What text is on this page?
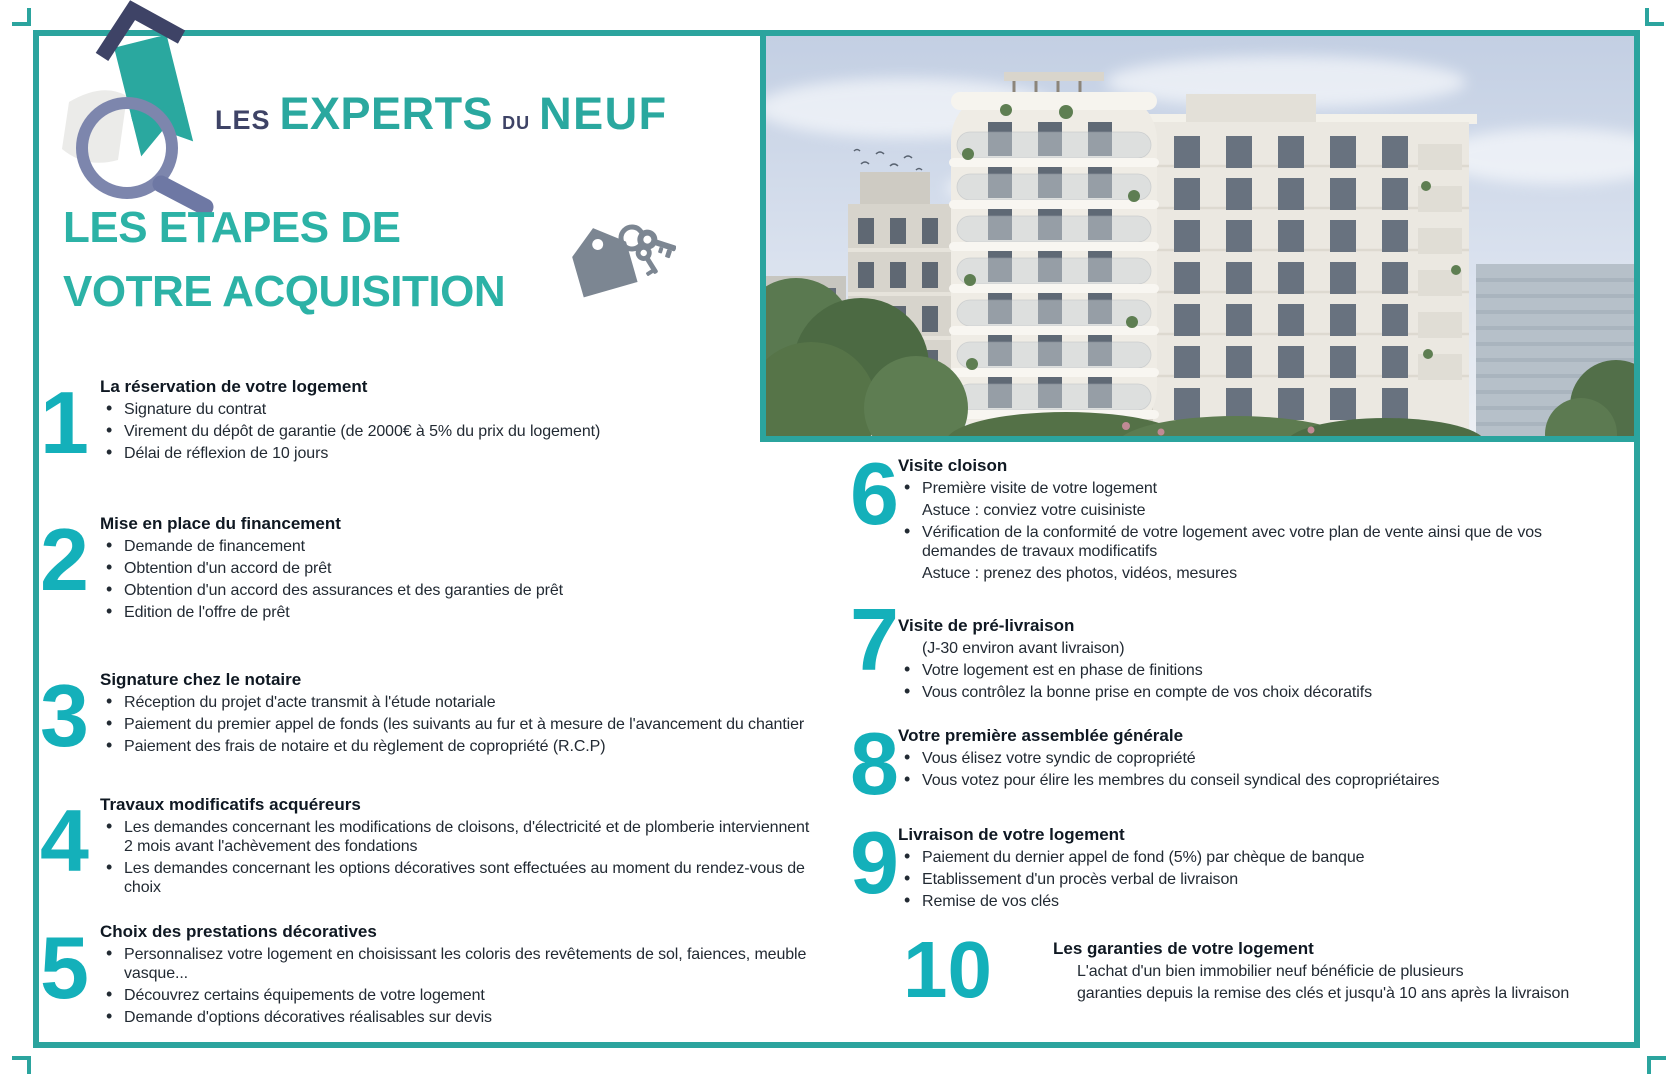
LES EXPERTS DU NEUF
LES ETAPES DE
VOTRE ACQUISITION
1 La réservation de votre logement
• Signature du contrat
• Virement du dépôt de garantie (de 2000€ à 5% du prix du logement)
• Délai de réflexion de 10 jours
2 Mise en place du financement
• Demande de financement
• Obtention d'un accord de prêt
• Obtention d'un accord des assurances et des garanties de prêt
• Edition de l'offre de prêt
3 Signature chez le notaire
• Réception du projet d'acte transmit à l'étude notariale
• Paiement du premier appel de fonds (les suivants au fur et à mesure de l'avancement du chantier
• Paiement des frais de notaire et du règlement de copropriété (R.C.P)
4 Travaux modificatifs acquéreurs
• Les demandes concernant les modifications de cloisons, d'électricité et de plomberie interviennent 2 mois avant l'achèvement des fondations
• Les demandes concernant les options décoratives sont effectuées au moment du rendez-vous de choix
5 Choix des prestations décoratives
• Personnalisez votre logement en choisissant les coloris des revêtements de sol, faiences, meuble vasque...
• Découvrez certains équipements de votre logement
• Demande d'options décoratives réalisables sur devis
6 Visite cloison
• Première visite de votre logement
Astuce : conviez votre cuisiniste
• Vérification de la conformité de votre logement avec votre plan de vente ainsi que de vos demandes de travaux modificatifs
Astuce : prenez des photos, vidéos, mesures
7 Visite de pré-livraison
(J-30 environ avant livraison)
• Votre logement est en phase de finitions
• Vous contrôlez la bonne prise en compte de vos choix décoratifs
8 Votre première assemblée générale
• Vous élisez votre syndic de copropriété
• Vous votez pour élire les membres du conseil syndical des copropriétaires
9 Livraison de votre logement
• Paiement du dernier appel de fond (5%) par chèque de banque
• Etablissement d'un procès verbal de livraison
• Remise de vos clés
10	Les garanties de votre logement
L'achat d'un bien immobilier neuf bénéficie de plusieurs
garanties depuis la remise des clés et jusqu'à 10 ans après la livraison
